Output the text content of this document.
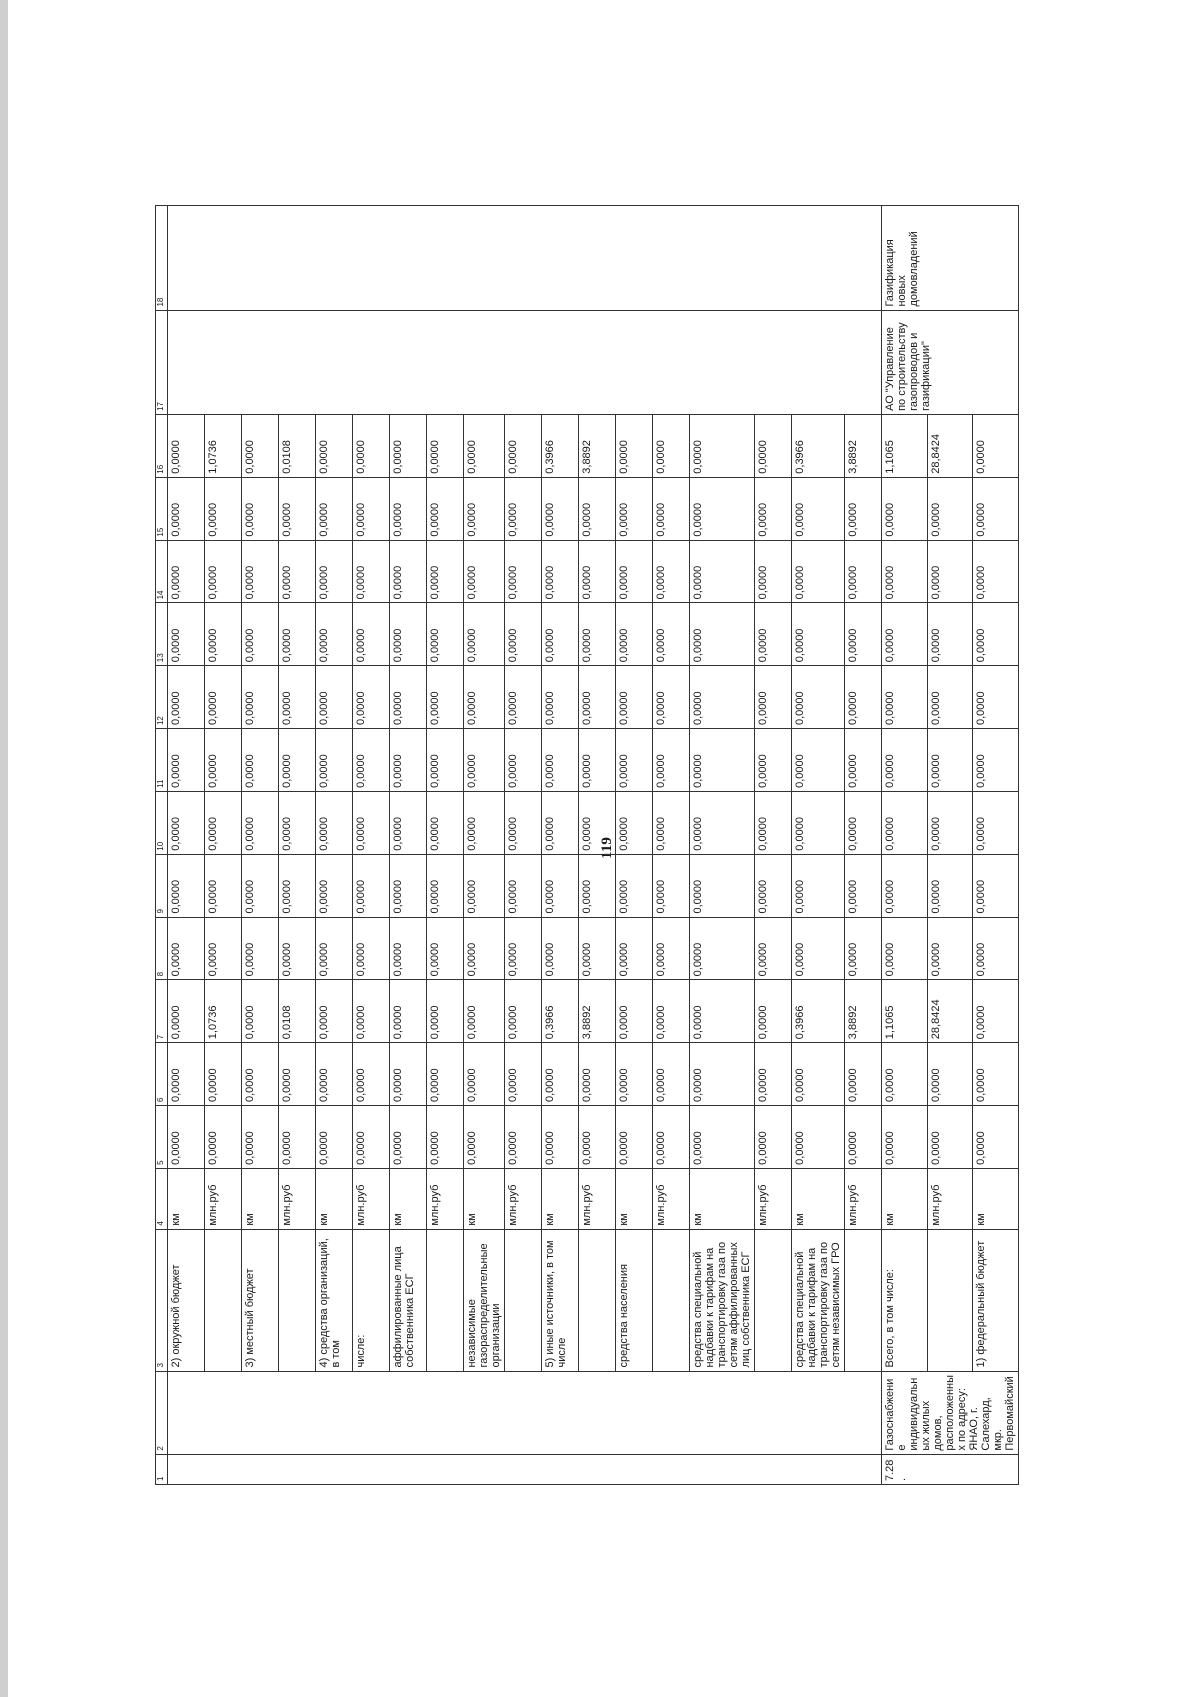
119
1	2	3	4	5	6	7	8	9	10	11	12	13	14	15	16	17	18
		2) окружной бюджет	км	0,0000	0,0000	0,0000	0,0000	0,0000	0,0000	0,0000	0,0000	0,0000	0,0000	0,0000	0,0000		
			млн.руб	0,0000	0,0000	1,0736	0,0000	0,0000	0,0000	0,0000	0,0000	0,0000	0,0000	0,0000	1,0736		
		3) местный бюджет	км	0,0000	0,0000	0,0000	0,0000	0,0000	0,0000	0,0000	0,0000	0,0000	0,0000	0,0000	0,0000		
			млн.руб	0,0000	0,0000	0,0108	0,0000	0,0000	0,0000	0,0000	0,0000	0,0000	0,0000	0,0000	0,0108		
		4) средства организаций, в том	км	0,0000	0,0000	0,0000	0,0000	0,0000	0,0000	0,0000	0,0000	0,0000	0,0000	0,0000	0,0000		
		числе:	млн.руб	0,0000	0,0000	0,0000	0,0000	0,0000	0,0000	0,0000	0,0000	0,0000	0,0000	0,0000	0,0000		
		аффилированные лица собственника ЕСГ	км	0,0000	0,0000	0,0000	0,0000	0,0000	0,0000	0,0000	0,0000	0,0000	0,0000	0,0000	0,0000		
			млн.руб	0,0000	0,0000	0,0000	0,0000	0,0000	0,0000	0,0000	0,0000	0,0000	0,0000	0,0000	0,0000		
		независимые газораспределительные организации	км	0,0000	0,0000	0,0000	0,0000	0,0000	0,0000	0,0000	0,0000	0,0000	0,0000	0,0000	0,0000		
			млн.руб	0,0000	0,0000	0,0000	0,0000	0,0000	0,0000	0,0000	0,0000	0,0000	0,0000	0,0000	0,0000		
		5) иные источники, в том числе	км	0,0000	0,0000	0,3966	0,0000	0,0000	0,0000	0,0000	0,0000	0,0000	0,0000	0,0000	0,3966		
			млн.руб	0,0000	0,0000	3,8892	0,0000	0,0000	0,0000	0,0000	0,0000	0,0000	0,0000	0,0000	3,8892		
		средства населения	км	0,0000	0,0000	0,0000	0,0000	0,0000	0,0000	0,0000	0,0000	0,0000	0,0000	0,0000	0,0000		
			млн.руб	0,0000	0,0000	0,0000	0,0000	0,0000	0,0000	0,0000	0,0000	0,0000	0,0000	0,0000	0,0000		
		средства специальной надбавки к тарифам на транспортировку газа по сетям аффилированных лиц собственника ЕСГ	км	0,0000	0,0000	0,0000	0,0000	0,0000	0,0000	0,0000	0,0000	0,0000	0,0000	0,0000	0,0000		
			млн.руб	0,0000	0,0000	0,0000	0,0000	0,0000	0,0000	0,0000	0,0000	0,0000	0,0000	0,0000	0,0000		
		средства специальной надбавки к тарифам на транспортировку газа по сетям независимых ГРО	км	0,0000	0,0000	0,3966	0,0000	0,0000	0,0000	0,0000	0,0000	0,0000	0,0000	0,0000	0,3966		
			млн.руб	0,0000	0,0000	3,8892	0,0000	0,0000	0,0000	0,0000	0,0000	0,0000	0,0000	0,0000	3,8892		
7.28.	Газоснабжение индивидуальных жилых домов, расположенных по адресу: ЯНАО, г. Салехард, мкр. Первомайский	Всего, в том числе:	км	0,0000	0,0000	1,1065	0,0000	0,0000	0,0000	0,0000	0,0000	0,0000	0,0000	0,0000	1,1065	АО "Управление по строительству газопроводов и газификации"	Газификация новых домовладений
			млн.руб	0,0000	0,0000	28,8424	0,0000	0,0000	0,0000	0,0000	0,0000	0,0000	0,0000	0,0000	28,8424		
		1) федеральный бюджет	км	0,0000	0,0000	0,0000	0,0000	0,0000	0,0000	0,0000	0,0000	0,0000	0,0000	0,0000	0,0000		
